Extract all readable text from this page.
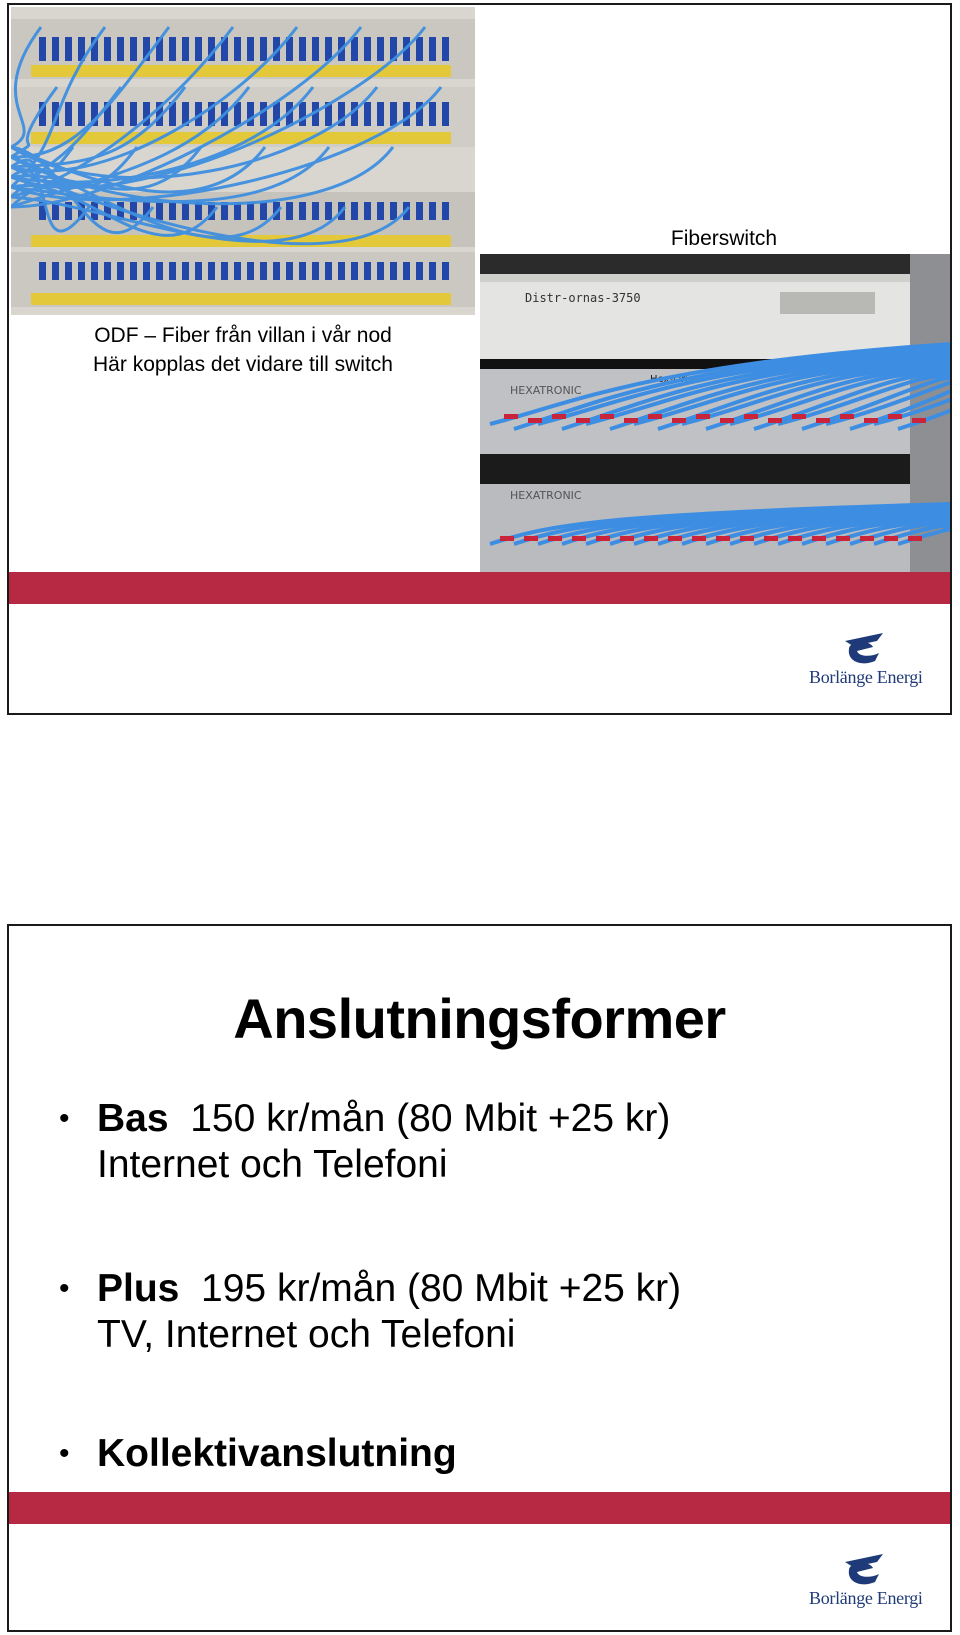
ODF – Fiber från villan i vår nod
Här kopplas det vidare till switch
Fiberswitch
Distr-ornas-3750
Hex-Ornas-
HEXATRONIC
HEXATRONIC
Borlänge Energi
Anslutningsformer
• Bas 150 kr/mån (80 Mbit +25 kr)
Internet och Telefoni
• Plus 195 kr/mån (80 Mbit +25 kr)
TV, Internet och Telefoni
• Kollektivanslutning
Borlänge Energi
